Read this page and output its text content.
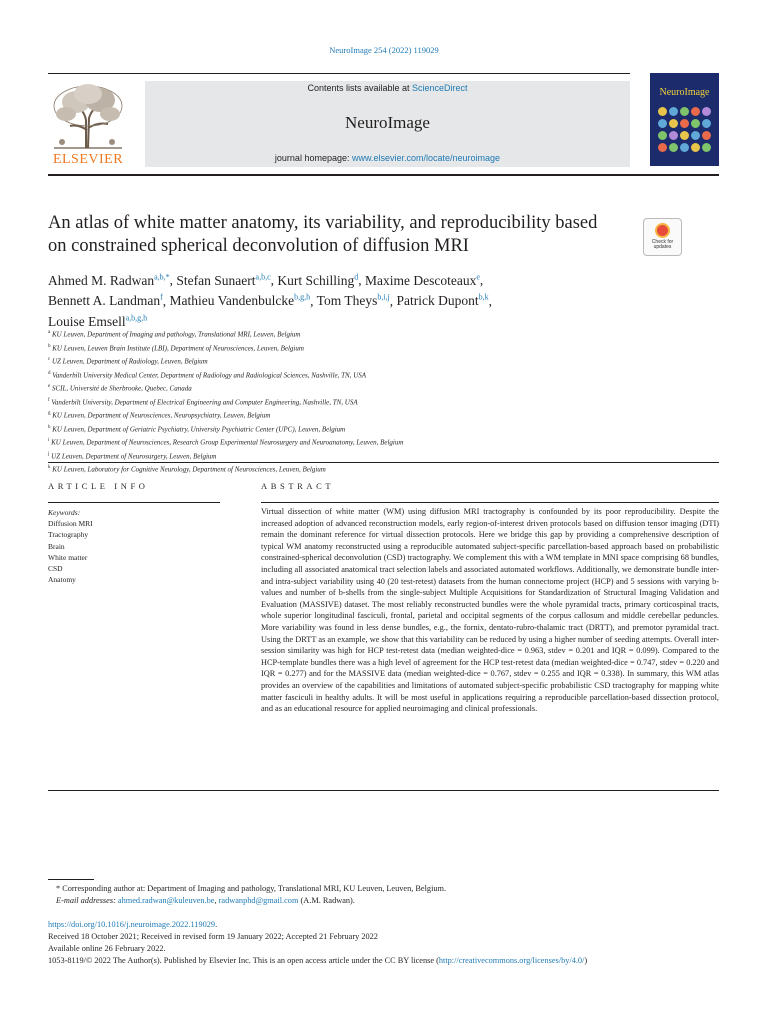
NeuroImage 254 (2022) 119029
ELSEVIER
Contents lists available at ScienceDirect
NeuroImage
journal homepage: www.elsevier.com/locate/neuroimage
NeuroImage
An atlas of white matter anatomy, its variability, and reproducibility based
on constrained spherical deconvolution of diffusion MRI	Check for updates
Ahmed M. Radwan$^{a,b,*}$, Stefan Sunaert$^{a,b,c}$, Kurt Schilling$^d$, Maxime Descoteaux$^e$,
Bennett A. Landman$^f$, Mathieu Vandenbulcke$^{b,g,h}$, Tom Theys$^{b,i,j}$, Patrick Dupont$^{b,k}$,
Louise Emsell$^{a,b,g,h}$
$^a$ KU Leuven, Department of Imaging and pathology, Translational MRI, Leuven, Belgium
$^b$ KU Leuven, Leuven Brain Institute (LBI), Department of Neurosciences, Leuven, Belgium
$^c$ UZ Leuven, Department of Radiology, Leuven, Belgium
$^d$ Vanderbilt University Medical Center, Department of Radiology and Radiological Sciences, Nashville, TN, USA
$^e$ SCIL, Université de Sherbrooke, Quebec, Canada
$^f$ Vanderbilt University, Department of Electrical Engineering and Computer Engineering, Nashville, TN, USA
$^g$ KU Leuven, Department of Neurosciences, Neuropsychiatry, Leuven, Belgium
$^h$ KU Leuven, Department of Geriatric Psychiatry, University Psychiatric Center (UPC), Leuven, Belgium
$^i$ KU Leuven, Department of Neurosciences, Research Group Experimental Neurosurgery and Neuroanatomy, Leuven, Belgium
$^j$ UZ Leuven, Department of Neurosurgery, Leuven, Belgium
$^k$ KU Leuven, Laboratory for Cognitive Neurology, Department of Neurosciences, Leuven, Belgium
ARTICLE INFO
Keywords:
Diffusion MRI
Tractography
Brain
White matter
CSD
Anatomy
ABSTRACT
Virtual dissection of white matter (WM) using diffusion MRI tractography is confounded by its poor reproducibility. Despite the increased adoption of advanced reconstruction models, early region-of-interest driven protocols based on diffusion tensor imaging (DTI) remain the dominant reference for virtual dissection protocols. Here we bridge this gap by providing a comprehensive description of typical WM anatomy reconstructed using a reproducible automated subject-specific parcellation-based approach based on probabilistic constrained-spherical deconvolution (CSD) tractography. We complement this with a WM template in MNI space comprising 68 bundles, including all associated anatomical tract selection labels and associated automated workflows. Additionally, we demonstrate bundle inter- and intra-subject variability using 40 (20 test-retest) datasets from the human connectome project (HCP) and 5 sessions with varying b-values and number of b-shells from the single-subject Multiple Acquisitions for Standardization of Structural Imaging Validation and Evaluation (MASSIVE) dataset. The most reliably reconstructed bundles were the whole pyramidal tracts, primary corticospinal tracts, whole superior longitudinal fasciculi, frontal, parietal and occipital segments of the corpus callosum and middle cerebellar peduncles. More variability was found in less dense bundles, e.g., the fornix, dentato-rubro-thalamic tract (DRTT), and premotor pyramidal tract. Using the DRTT as an example, we show that this variability can be reduced by using a higher number of seeding attempts. Overall inter-session similarity was high for HCP test-retest data (median weighted-dice = 0.963, stdev = 0.201 and IQR = 0.099). Compared to the HCP-template bundles there was a high level of agreement for the HCP test-retest data (median weighted-dice = 0.747, stdev = 0.220 and IQR = 0.277) and for the MASSIVE data (median weighted-dice = 0.767, stdev = 0.255 and IQR = 0.338). In summary, this WM atlas provides an overview of the capabilities and limitations of automated subject-specific probabilistic CSD tractography for mapping white matter fasciculi in healthy adults. It will be most useful in applications requiring a reproducible parcellation-based dissection protocol, and as an educational resource for applied neuroimaging and clinical professionals.
* Corresponding author at: Department of Imaging and pathology, Translational MRI, KU Leuven, Leuven, Belgium.
E-mail addresses: ahmed.radwan@kuleuven.be, radwanphd@gmail.com (A.M. Radwan).
https://doi.org/10.1016/j.neuroimage.2022.119029.
Received 18 October 2021; Received in revised form 19 January 2022; Accepted 21 February 2022
Available online 26 February 2022.
1053-8119/© 2022 The Author(s). Published by Elsevier Inc. This is an open access article under the CC BY license (http://creativecommons.org/licenses/by/4.0/)
